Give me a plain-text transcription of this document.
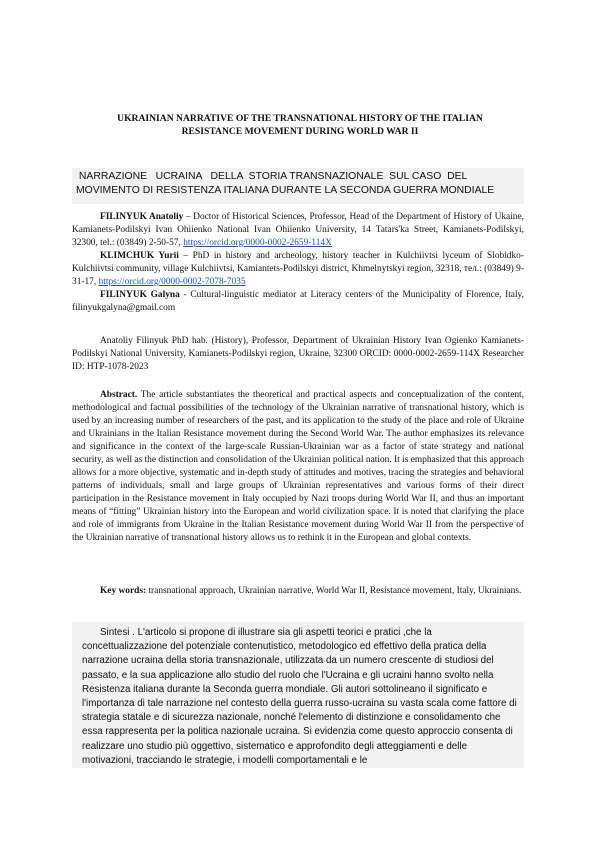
UKRAINIAN NARRATIVE OF THE TRANSNATIONAL HISTORY OF THE ITALIAN
RESISTANCE MOVEMENT DURING WORLD WAR II
NARRAZIONE   UCRAINA   DELLA  STORIA TRANSNAZIONALE  SUL CASO  DEL
MOVIMENTO DI RESISTENZA ITALIANA DURANTE LA SECONDA GUERRA MONDIALE

FILINYUK Anatoliy – Doctor of Historical Sciences, Professor, Head of the Department of History of Ukaine, Kamianets-Podilskyi Ivan Ohiienko National Ivan Ohiienko University, 14 Tatars'ka Street, Kamianets-Podilskyi, 32300, tel.: (03849) 2-50-57, https://orcid.org/0000-0002-2659-114X

KLIMCHUK Yurii – PhD in history and archeology, history teacher in Kulchiivtsi lyceum of Slobidko-Kulchiivtsi community, village Kulchiivtsi, Kamiantets-Podilskyi district, Khmelnytskyi region, 32318, тел.: (03849) 9-31-17, https://orcid.org/0000-0002-7078-7035

FILINYUK Galyna - Cultural-linguistic mediator at Literacy centers of the Municipality of Florence, Italy, filinyukgalyna@gmail.com

Anatoliy Filinyuk PhD hab. (History), Professor, Department of Ukrainian History Ivan Ogienko Kamianets-Podilskyi National University, Kamianets-Podilskyi region, Ukraine, 32300 ORCID: 0000-0002-2659-114X Researcher ID: HTP-1078-2023

Abstract. The article substantiates the theoretical and practical aspects and conceptualization of the content, methodological and factual possibilities of the technology of the Ukrainian narrative of transnational history, which is used by an increasing number of researchers of the past, and its application to the study of the place and role of Ukraine and Ukrainians in the Italian Resistance movement during the Second World War. The author emphasizes its relevance and significance in the context of the large-scale Russian-Ukrainian war as a factor of state strategy and national security, as well as the distinction and consolidation of the Ukrainian political nation. It is emphasized that this approach allows for a more objective, systematic and in-depth study of attitudes and motives, tracing the strategies and behavioral patterns of individuals, small and large groups of Ukrainian representatives and various forms of their direct participation in the Resistance movement in Italy occupied by Nazi troops during World War II, and thus an important means of “fitting” Ukrainian history into the European and world civilization space. It is noted that clarifying the place and role of immigrants from Ukraine in the Italian Resistance movement during World War II from the perspective of the Ukrainian narrative of transnational history allows us to rethink it in the European and global contexts.

Key words: transnational approach, Ukrainian narrative, World War II, Resistance movement, Italy, Ukrainians.

Sintesi . L'articolo si propone di illustrare sia gli aspetti teorici e pratici ,che la concettualizzazione del potenziale contenutistico, metodologico ed effettivo della pratica della narrazione ucraina della storia transnazionale, utilizzata da un numero crescente di studiosi del passato, e la sua applicazione allo studio del ruolo che l'Ucraina e gli ucraini hanno svolto nella Resistenza italiana durante la Seconda guerra mondiale. Gli autori sottolineano il significato e l'importanza di tale narrazione nel contesto della guerra russo-ucraina su vasta scala come fattore di strategia statale e di sicurezza nazionale, nonché l'elemento di distinzione e consolidamento che essa rappresenta per la politica nazionale ucraina. Si evidenzia come questo approccio consenta di realizzare uno studio più oggettivo, sistematico e approfondito degli atteggiamenti e delle motivazioni, tracciando le strategie, i modelli comportamentali e le
